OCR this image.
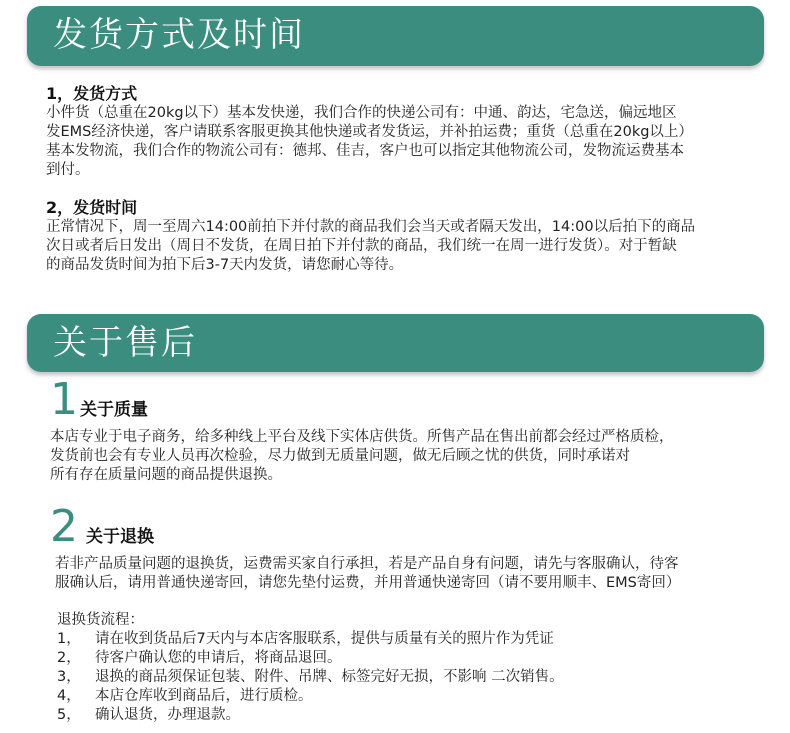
发货方式及时间
1，发货方式
小件货（总重在20kg以下）基本发快递，我们合作的快递公司有：中通、韵达，宅急送，偏远地区
发EMS经济快递，客户请联系客服更换其他快递或者发货运，并补拍运费；重货（总重在20kg以上）
基本发物流，我们合作的物流公司有：德邦、佳吉，客户也可以指定其他物流公司，发物流运费基本
到付。
2，发货时间
正常情况下，周一至周六14:00前拍下并付款的商品我们会当天或者隔天发出，14:00以后拍下的商品
次日或者后日发出（周日不发货，在周日拍下并付款的商品，我们统一在周一进行发货）。对于暂缺
的商品发货时间为拍下后3-7天内发货，请您耐心等待。
关于售后
1 关于质量
本店专业于电子商务，给多种线上平台及线下实体店供货。所售产品在售出前都会经过严格质检，
发货前也会有专业人员再次检验，尽力做到无质量问题，做无后顾之忧的供货，同时承诺对
所有存在质量问题的商品提供退换。
2 关于退换
若非产品质量问题的退换货，运费需买家自行承担，若是产品自身有问题，请先与客服确认，待客
服确认后，请用普通快递寄回，请您先垫付运费，并用普通快递寄回（请不要用顺丰、EMS寄回）
退换货流程：
1， 请在收到货品后7天内与本店客服联系，提供与质量有关的照片作为凭证
2， 待客户确认您的申请后，将商品退回。
3， 退换的商品须保证包装、附件、吊牌、标签完好无损，不影响 二次销售。
4， 本店仓库收到商品后，进行质检。
5， 确认退货，办理退款。
